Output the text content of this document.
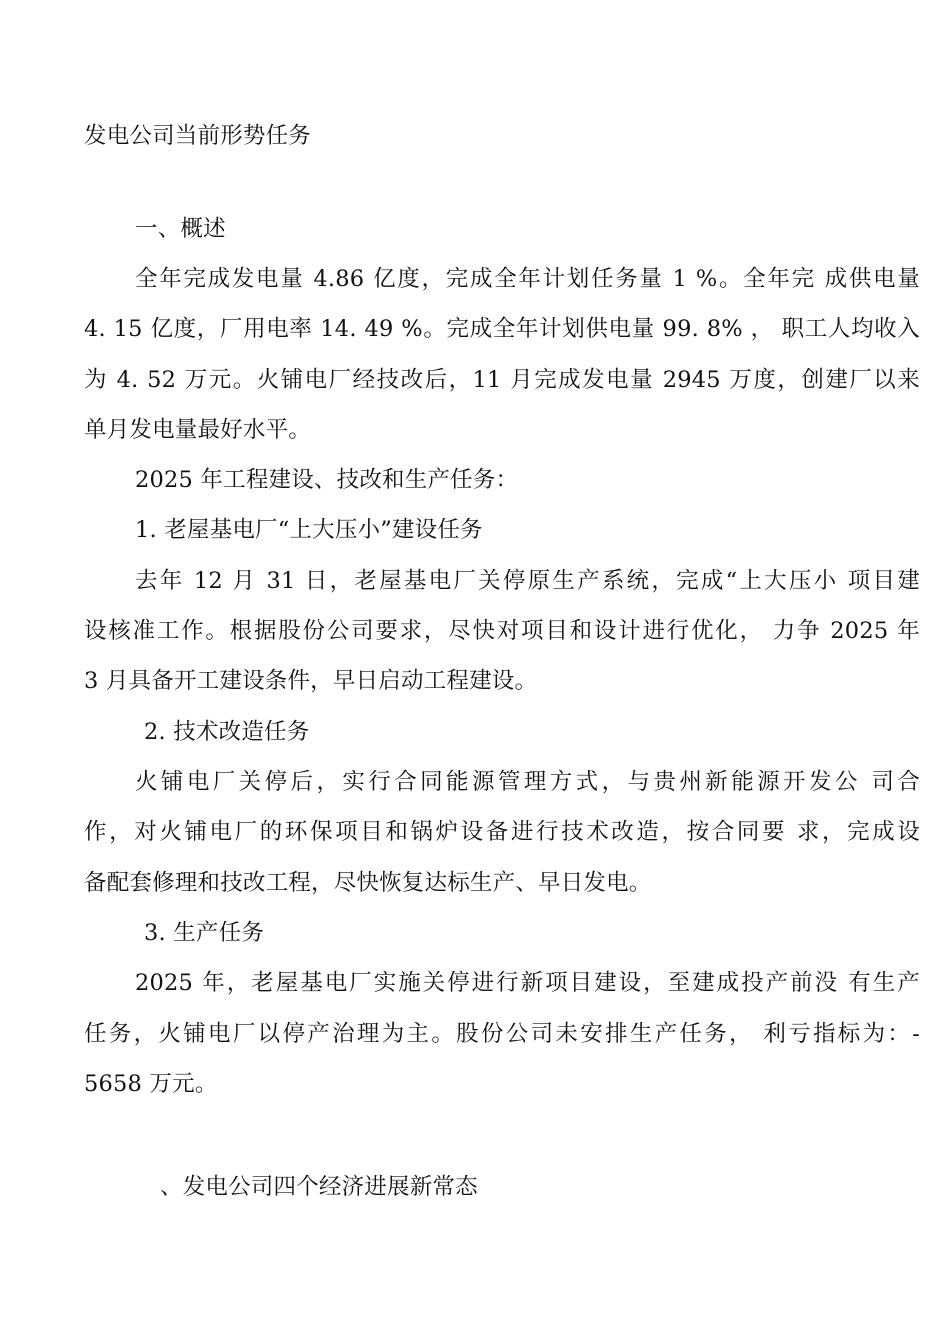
发电公司当前形势任务
一、概述
全年完成发电量 4.86 亿度，完成全年计划任务量 1 %。全年完 成供电量
4. 15 亿度，厂用电率 14. 49 %。完成全年计划供电量 99. 8% ， 职工人均收入
为 4. 52 万元。火铺电厂经技改后，11 月完成发电量 2945 万度，创建厂以来
单月发电量最好水平。
2025 年工程建设、技改和生产任务：
1. 老屋基电厂“上大压小”建设任务
去年 12 月 31 日，老屋基电厂关停原生产系统，完成“上大压小 项目建
设核准工作。根据股份公司要求，尽快对项目和设计进行优化， 力争 2025 年
3 月具备开工建设条件，早日启动工程建设。
2. 技术改造任务
火铺电厂关停后，实行合同能源管理方式，与贵州新能源开发公 司合
作，对火铺电厂的环保项目和锅炉设备进行技术改造，按合同要 求，完成设
备配套修理和技改工程，尽快恢复达标生产、早日发电。
3. 生产任务
2025 年，老屋基电厂实施关停进行新项目建设，至建成投产前没 有生产
任务，火铺电厂以停产治理为主。股份公司未安排生产任务， 利亏指标为：-
5658 万元。
、发电公司四个经济进展新常态
